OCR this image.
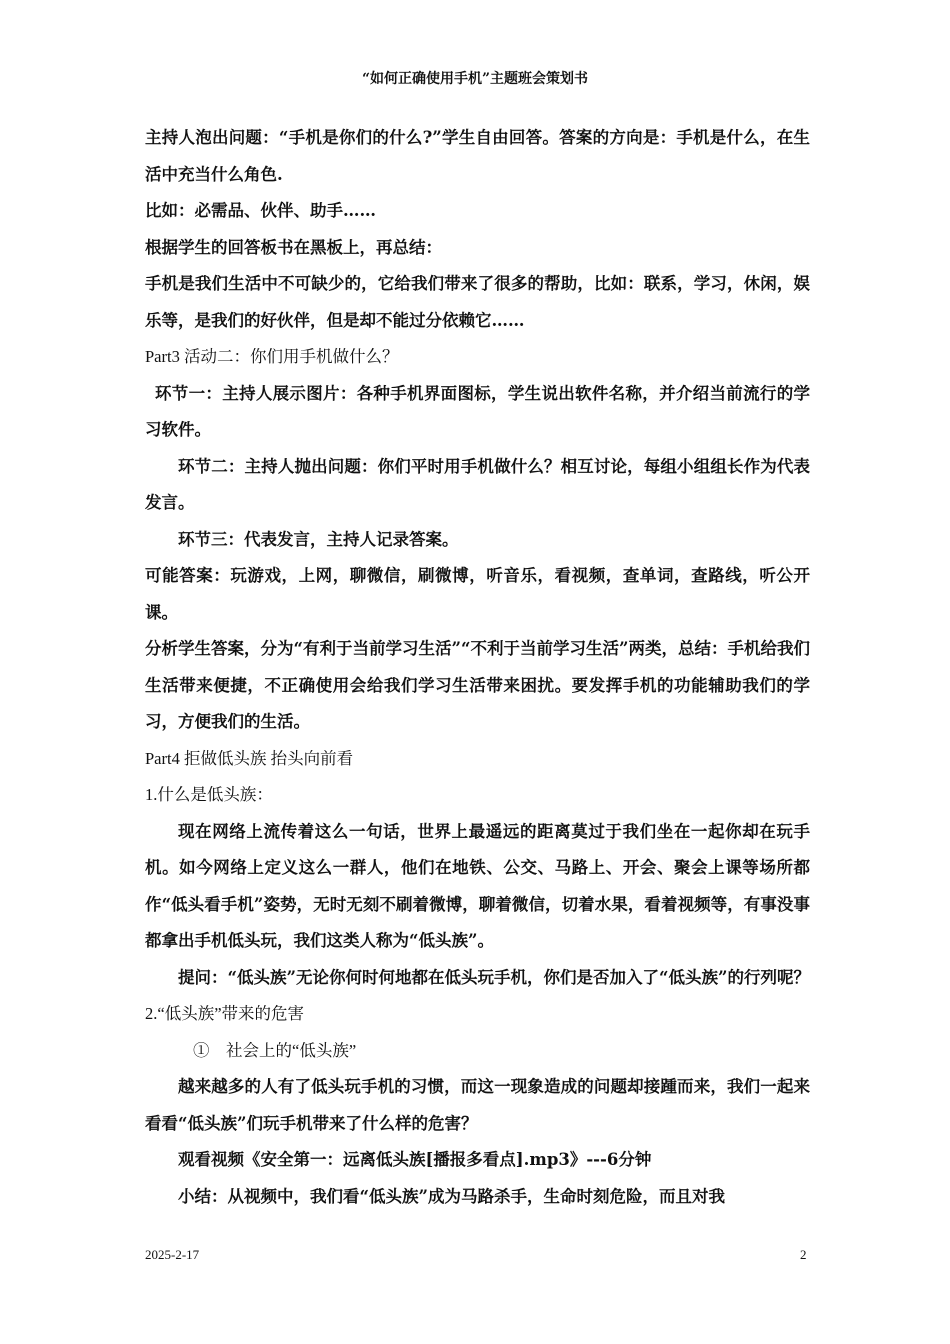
“如何正确使用手机”主题班会策划书

主持人泡出问题：“手机是你们的什么?”学生自由回答。答案的方向是：手机是什么，在生活中充当什么角色.

比如：必需品、伙伴、助手……

根据学生的回答板书在黑板上，再总结：

手机是我们生活中不可缺少的，它给我们带来了很多的帮助，比如：联系，学习，休闲，娱乐等，是我们的好伙伴，但是却不能过分依赖它……

Part3 活动二：你们用手机做什么？

环节一：主持人展示图片：各种手机界面图标，学生说出软件名称，并介绍当前流行的学习软件。

环节二：主持人抛出问题：你们平时用手机做什么？相互讨论，每组小组组长作为代表发言。

环节三：代表发言，主持人记录答案。

可能答案：玩游戏，上网，聊微信，刷微博，听音乐，看视频，查单词，查路线，听公开课。

分析学生答案，分为“有利于当前学习生活”“不利于当前学习生活”两类，总结：手机给我们生活带来便捷，不正确使用会给我们学习生活带来困扰。要发挥手机的功能辅助我们的学习，方便我们的生活。

Part4 拒做低头族 抬头向前看

1.什么是低头族：

现在网络上流传着这么一句话，世界上最遥远的距离莫过于我们坐在一起你却在玩手机。如今网络上定义这么一群人，他们在地铁、公交、马路上、开会、聚会上课等场所都作“低头看手机”姿势，无时无刻不刷着微博，聊着微信，切着水果，看着视频等，有事没事都拿出手机低头玩，我们这类人称为“低头族”。

提问：“低头族”无论你何时何地都在低头玩手机，你们是否加入了“低头族”的行列呢？

2.“低头族”带来的危害

①　社会上的“低头族”

越来越多的人有了低头玩手机的习惯，而这一现象造成的问题却接踵而来，我们一起来看看“低头族”们玩手机带来了什么样的危害？

观看视频《安全第一：远离低头族[播报多看点].mp3》---6分钟

小结：从视频中，我们看“低头族”成为马路杀手，生命时刻危险，而且对我

2025-2-17	2
